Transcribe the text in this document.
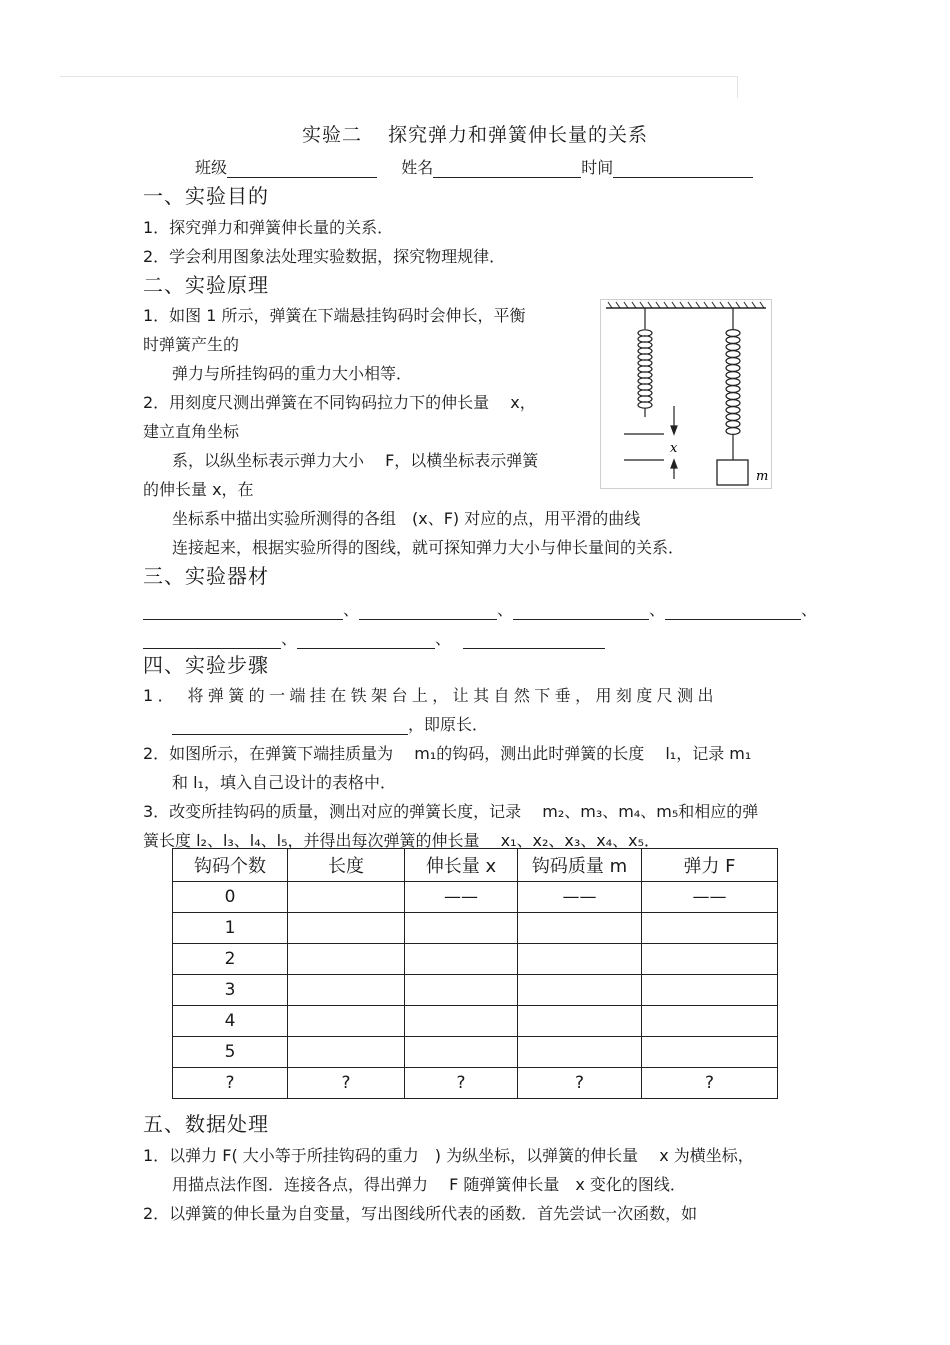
实验二 探究弹力和弹簧伸长量的关系
班级	姓名	时间
一、实验目的
1．探究弹力和弹簧伸长量的关系．
2．学会利用图象法处理实验数据，探究物理规律．
二、实验原理
1．如图 1 所示，弹簧在下端悬挂钩码时会伸长，平衡
时弹簧产生的
弹力与所挂钩码的重力大小相等．
2．用刻度尺测出弹簧在不同钩码拉力下的伸长量　 x，
建立直角坐标
系，以纵坐标表示弹力大小　 F，以横坐标表示弹簧
的伸长量 x，在
坐标系中描出实验所测得的各组　(x、F) 对应的点，用平滑的曲线
连接起来，根据实验所得的图线，就可探知弹力大小与伸长量间的关系．
x
m
三、实验器材
、	、	、	、
、	、
四、实验步骤
1． 将弹簧的一端挂在铁架台上，让其自然下垂，用刻度尺测出
，即原长．
2．如图所示，在弹簧下端挂质量为　 m₁的钩码，测出此时弹簧的长度　 l₁，记录 m₁
和 l₁，填入自己设计的表格中．
3．改变所挂钩码的质量，测出对应的弹簧长度，记录　 m₂、m₃、m₄、m₅和相应的弹
簧长度 l₂、l₃、l₄、l₅，并得出每次弹簧的伸长量　 x₁、x₂、x₃、x₄、x₅．
钩码个数	长度	伸长量 x	钩码质量 m	弹力 F
0		——	——	——
1				
2				
3				
4				
5				
?	?	?	?	?
五、数据处理
1．以弹力 F( 大小等于所挂钩码的重力　) 为纵坐标，以弹簧的伸长量　 x 为横坐标，
用描点法作图．连接各点，得出弹力　 F 随弹簧伸长量　x 变化的图线．
2．以弹簧的伸长量为自变量，写出图线所代表的函数．首先尝试一次函数，如
